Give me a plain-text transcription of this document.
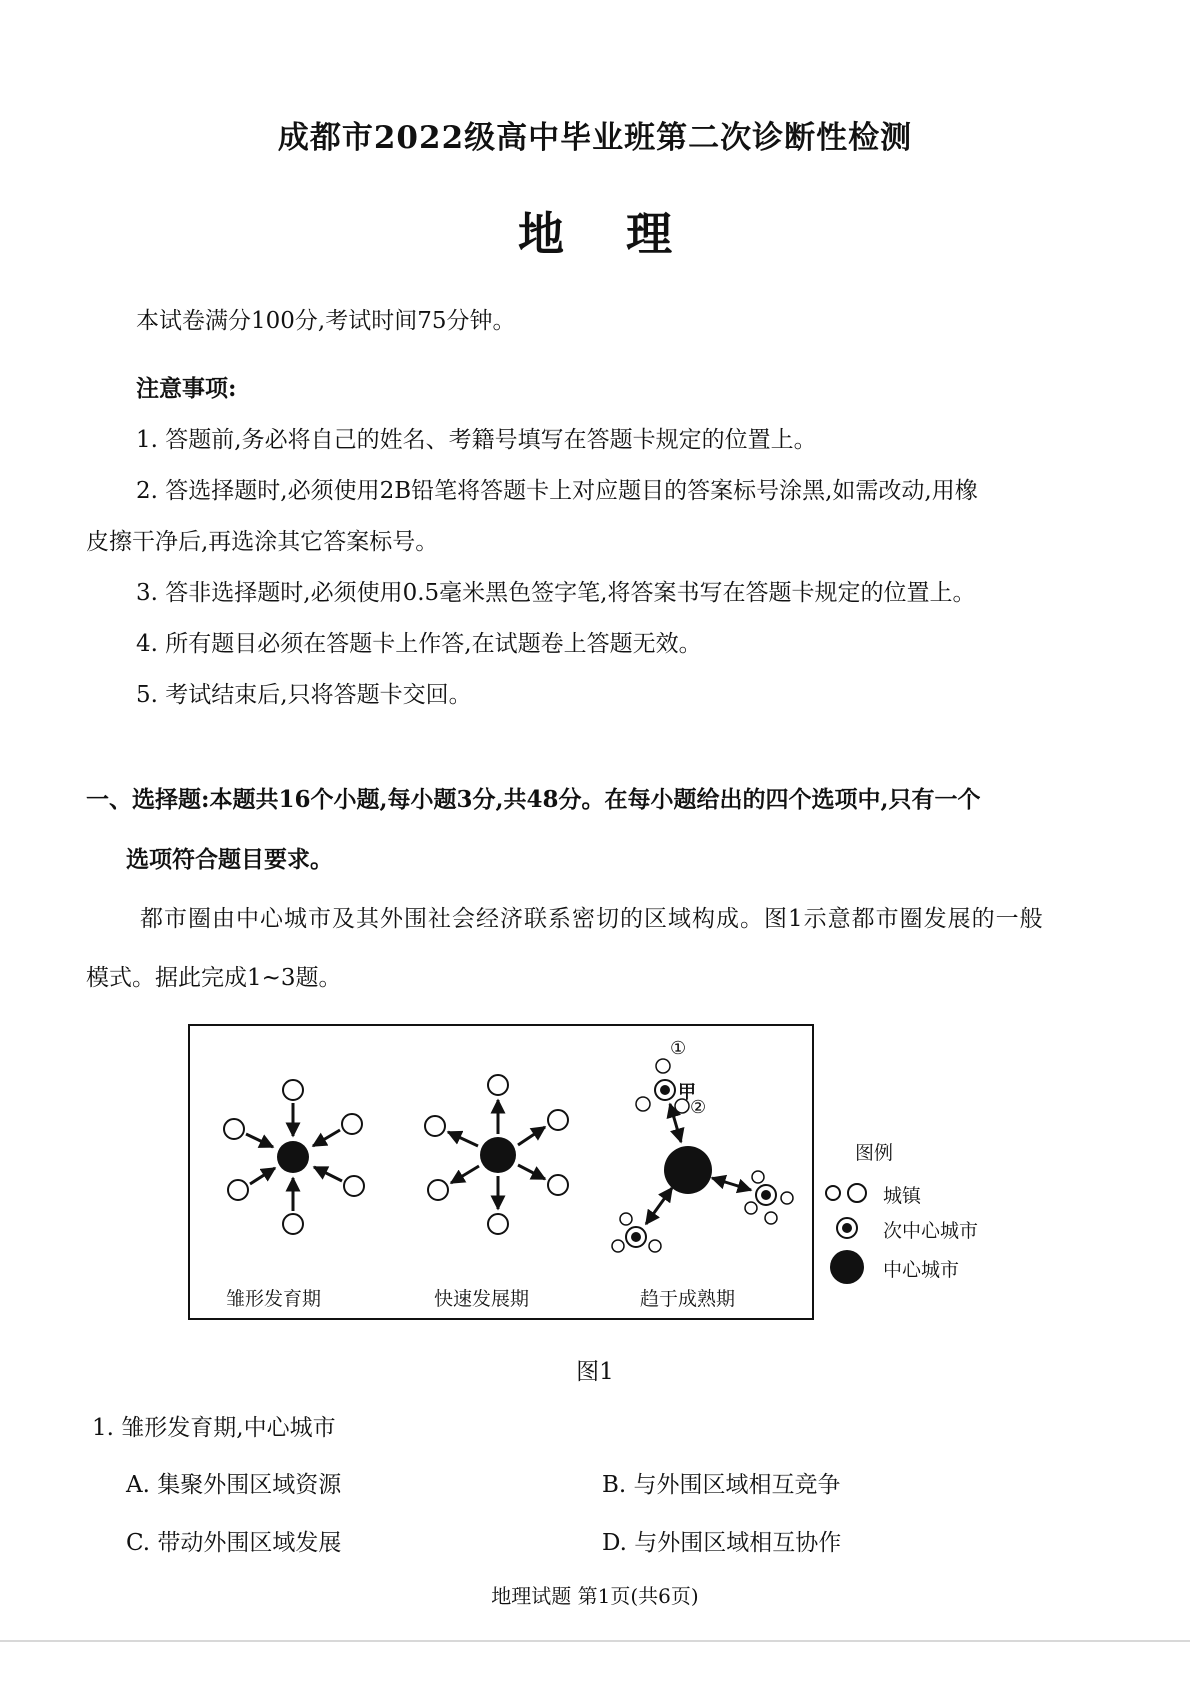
成都市2022级高中毕业班第二次诊断性检测
地理
本试卷满分100分,考试时间75分钟。
注意事项:
1. 答题前,务必将自己的姓名、考籍号填写在答题卡规定的位置上。
2. 答选择题时,必须使用2B铅笔将答题卡上对应题目的答案标号涂黑,如需改动,用橡
皮擦干净后,再选涂其它答案标号。
3. 答非选择题时,必须使用0.5毫米黑色签字笔,将答案书写在答题卡规定的位置上。
4. 所有题目必须在答题卡上作答,在试题卷上答题无效。
5. 考试结束后,只将答题卡交回。
一、选择题:本题共16个小题,每小题3分,共48分。在每小题给出的四个选项中,只有一个
选项符合题目要求。
都市圈由中心城市及其外围社会经济联系密切的区域构成。图1示意都市圈发展的一般
模式。据此完成1~3题。
①
甲
②
雏形发育期	快速发展期	趋于成熟期
图例
城镇
次中心城市
中心城市
图1
1. 雏形发育期,中心城市
A. 集聚外围区域资源	B. 与外围区域相互竞争
C. 带动外围区域发展	D. 与外围区域相互协作
地理试题 第1页(共6页)
